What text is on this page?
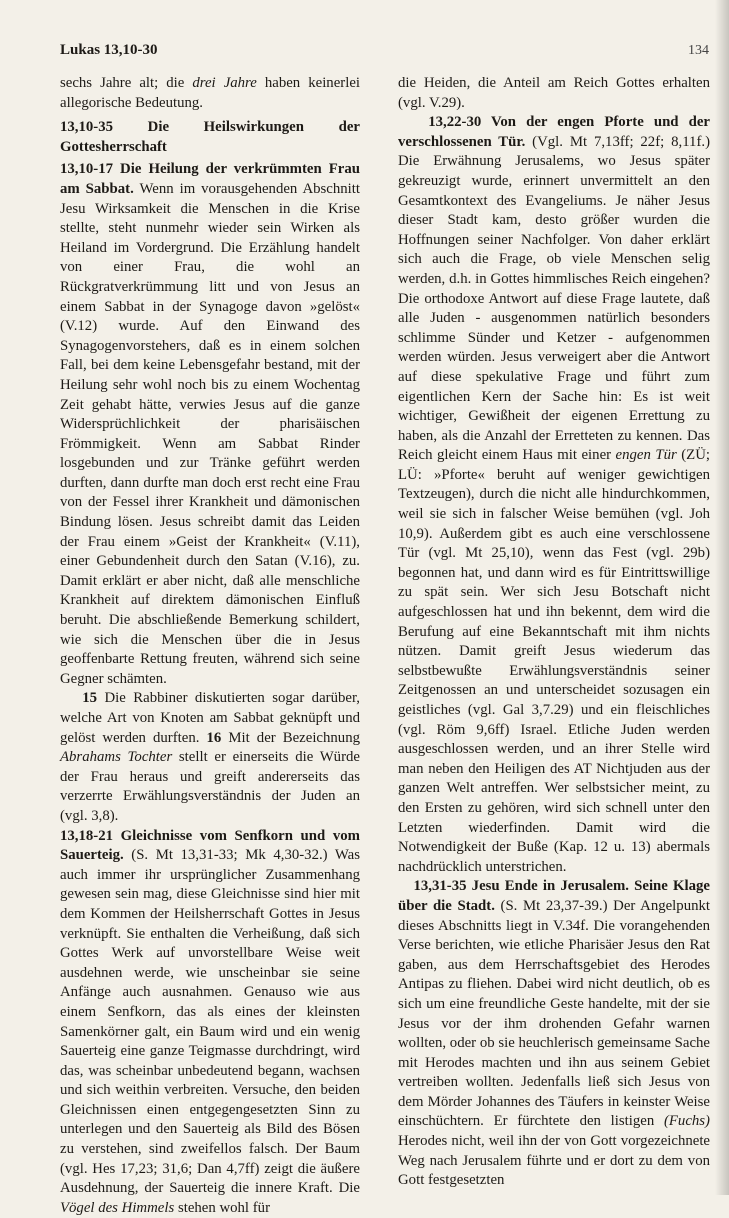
Lukas 13,10-30	134

sechs Jahre alt; die drei Jahre haben keinerlei allegorische Bedeutung.

13,10-35 Die Heilswirkungen der Gottesherrschaft

13,10-17 Die Heilung der verkrümmten Frau am Sabbat. Wenn im vorausgehenden Abschnitt Jesu Wirksamkeit die Menschen in die Krise stellte, steht nunmehr wieder sein Wirken als Heiland im Vordergrund. Die Erzählung handelt von einer Frau, die wohl an Rückgratverkrümmung litt und von Jesus an einem Sabbat in der Synagoge davon »gelöst« (V.12) wurde. Auf den Einwand des Synagogenvorstehers, daß es in einem solchen Fall, bei dem keine Lebensgefahr bestand, mit der Heilung sehr wohl noch bis zu einem Wochentag Zeit gehabt hätte, verwies Jesus auf die ganze Widersprüchlichkeit der pharisäischen Frömmigkeit. Wenn am Sabbat Rinder losgebunden und zur Tränke geführt werden durften, dann durfte man doch erst recht eine Frau von der Fessel ihrer Krankheit und dämonischen Bindung lösen. Jesus schreibt damit das Leiden der Frau einem »Geist der Krankheit« (V.11), einer Gebundenheit durch den Satan (V.16), zu. Damit erklärt er aber nicht, daß alle menschliche Krankheit auf direktem dämonischen Einfluß beruht. Die abschließende Bemerkung schildert, wie sich die Menschen über die in Jesus geoffenbarte Rettung freuten, während sich seine Gegner schämten.

15 Die Rabbiner diskutierten sogar darüber, welche Art von Knoten am Sabbat geknüpft und gelöst werden durften. 16 Mit der Bezeichnung Abrahams Tochter stellt er einerseits die Würde der Frau heraus und greift andererseits das verzerrte Erwählungsverständnis der Juden an (vgl. 3,8).

13,18-21 Gleichnisse vom Senfkorn und vom Sauerteig. (S. Mt 13,31-33; Mk 4,30-32.) Was auch immer ihr ursprünglicher Zusammenhang gewesen sein mag, diese Gleichnisse sind hier mit dem Kommen der Heilsherrschaft Gottes in Jesus verknüpft. Sie enthalten die Verheißung, daß sich Gottes Werk auf unvorstellbare Weise weit ausdehnen werde, wie unscheinbar sie seine Anfänge auch ausnahmen. Genauso wie aus einem Senfkorn, das als eines der kleinsten Samenkörner galt, ein Baum wird und ein wenig Sauerteig eine ganze Teigmasse durchdringt, wird das, was scheinbar unbedeutend begann, wachsen und sich weithin verbreiten. Versuche, den beiden Gleichnissen einen entgegengesetzten Sinn zu unterlegen und den Sauerteig als Bild des Bösen zu verstehen, sind zweifellos falsch. Der Baum (vgl. Hes 17,23; 31,6; Dan 4,7ff) zeigt die äußere Ausdehnung, der Sauerteig die innere Kraft. Die Vögel des Himmels stehen wohl für

die Heiden, die Anteil am Reich Gottes erhalten (vgl. V.29).

13,22-30 Von der engen Pforte und der verschlossenen Tür. (Vgl. Mt 7,13ff; 22f; 8,11f.) Die Erwähnung Jerusalems, wo Jesus später gekreuzigt wurde, erinnert unvermittelt an den Gesamtkontext des Evangeliums. Je näher Jesus dieser Stadt kam, desto größer wurden die Hoffnungen seiner Nachfolger. Von daher erklärt sich auch die Frage, ob viele Menschen selig werden, d.h. in Gottes himmlisches Reich eingehen? Die orthodoxe Antwort auf diese Frage lautete, daß alle Juden - ausgenommen natürlich besonders schlimme Sünder und Ketzer - aufgenommen werden würden. Jesus verweigert aber die Antwort auf diese spekulative Frage und führt zum eigentlichen Kern der Sache hin: Es ist weit wichtiger, Gewißheit der eigenen Errettung zu haben, als die Anzahl der Erretteten zu kennen. Das Reich gleicht einem Haus mit einer engen Tür (ZÜ; LÜ: »Pforte« beruht auf weniger gewichtigen Textzeugen), durch die nicht alle hindurchkommen, weil sie sich in falscher Weise bemühen (vgl. Joh 10,9). Außerdem gibt es auch eine verschlossene Tür (vgl. Mt 25,10), wenn das Fest (vgl. 29b) begonnen hat, und dann wird es für Eintrittswillige zu spät sein. Wer sich Jesu Botschaft nicht aufgeschlossen hat und ihn bekennt, dem wird die Berufung auf eine Bekanntschaft mit ihm nichts nützen. Damit greift Jesus wiederum das selbstbewußte Erwählungsverständnis seiner Zeitgenossen an und unterscheidet sozusagen ein geistliches (vgl. Gal 3,7.29) und ein fleischliches (vgl. Röm 9,6ff) Israel. Etliche Juden werden ausgeschlossen werden, und an ihrer Stelle wird man neben den Heiligen des AT Nichtjuden aus der ganzen Welt antreffen. Wer selbstsicher meint, zu den Ersten zu gehören, wird sich schnell unter den Letzten wiederfinden. Damit wird die Notwendigkeit der Buße (Kap. 12 u. 13) abermals nachdrücklich unterstrichen.

13,31-35 Jesu Ende in Jerusalem. Seine Klage über die Stadt. (S. Mt 23,37-39.) Der Angelpunkt dieses Abschnitts liegt in V.34f. Die vorangehenden Verse berichten, wie etliche Pharisäer Jesus den Rat gaben, aus dem Herrschaftsgebiet des Herodes Antipas zu fliehen. Dabei wird nicht deutlich, ob es sich um eine freundliche Geste handelte, mit der sie Jesus vor der ihm drohenden Gefahr warnen wollten, oder ob sie heuchlerisch gemeinsame Sache mit Herodes machten und ihn aus seinem Gebiet vertreiben wollten. Jedenfalls ließ sich Jesus von dem Mörder Johannes des Täufers in keinster Weise einschüchtern. Er fürchtete den listigen (Fuchs) Herodes nicht, weil ihn der von Gott vorgezeichnete Weg nach Jerusalem führte und er dort zu dem von Gott festgesetzten
